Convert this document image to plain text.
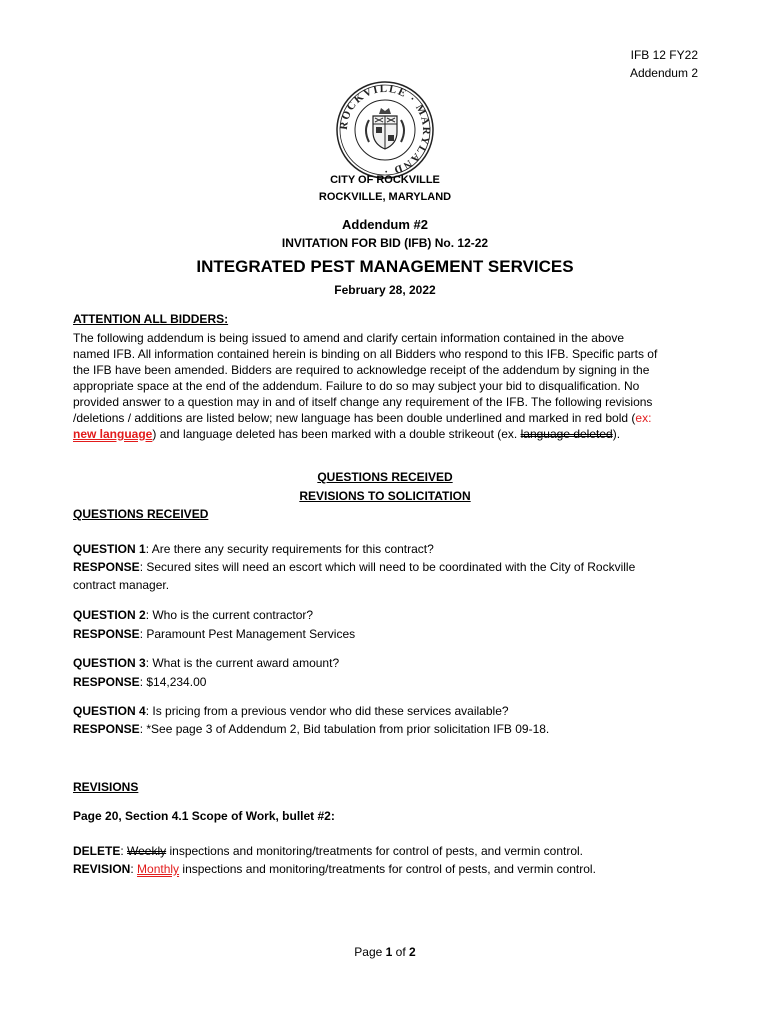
IFB 12 FY22
Addendum 2
ROCKVILLE · MARYLAND ·
CITY OF ROCKVILLE
ROCKVILLE, MARYLAND
Addendum #2
INVITATION FOR BID (IFB) No. 12-22
INTEGRATED PEST MANAGEMENT SERVICES
February 28, 2022
ATTENTION ALL BIDDERS:
The following addendum is being issued to amend and clarify certain information contained in the above
named IFB. All information contained herein is binding on all Bidders who respond to this IFB. Specific parts of
the IFB have been amended. Bidders are required to acknowledge receipt of the addendum by signing in the
appropriate space at the end of the addendum. Failure to do so may subject your bid to disqualification. No
provided answer to a question may in and of itself change any requirement of the IFB. The following revisions
/deletions / additions are listed below; new language has been double underlined and marked in red bold (ex:
new language) and language deleted has been marked with a double strikeout (ex. language deleted).
QUESTIONS RECEIVED
REVISIONS TO SOLICITATION
QUESTIONS RECEIVED
QUESTION 1: Are there any security requirements for this contract?
RESPONSE: Secured sites will need an escort which will need to be coordinated with the City of Rockville
contract manager.
QUESTION 2: Who is the current contractor?
RESPONSE: Paramount Pest Management Services
QUESTION 3: What is the current award amount?
RESPONSE: $14,234.00
QUESTION 4: Is pricing from a previous vendor who did these services available?
RESPONSE: *See page 3 of Addendum 2, Bid tabulation from prior solicitation IFB 09-18.
REVISIONS
Page 20, Section 4.1 Scope of Work, bullet #2:
DELETE: Weekly inspections and monitoring/treatments for control of pests, and vermin control.
REVISION: Monthly inspections and monitoring/treatments for control of pests, and vermin control.
Page 1 of 2
